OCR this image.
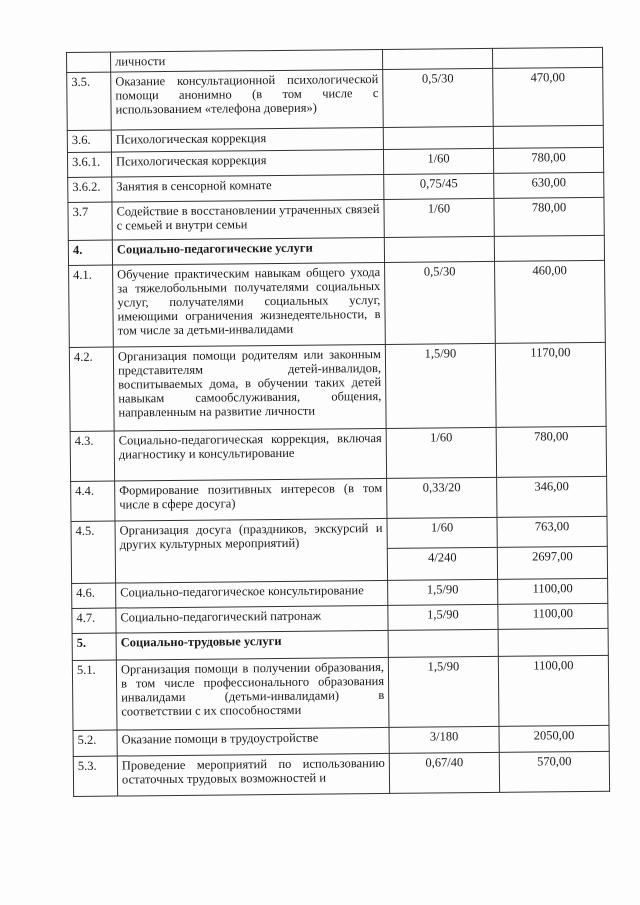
	личности		
3.5.	Оказание консультационной психологической помощи анонимно (в том числе с использованием «телефона доверия»)	0,5/30	470,00
3.6.	Психологическая коррекция		
3.6.1.	Психологическая коррекция	1/60	780,00
3.6.2.	Занятия в сенсорной комнате	0,75/45	630,00
3.7	Содействие в восстановлении утраченных связей с семьей и внутри семьи	1/60	780,00
4.	Социально-педагогические услуги		
4.1.	Обучение практическим навыкам общего ухода за тяжелобольными получателями социальных услуг, получателями социальных услуг, имеющими ограничения жизнедеятельности, в том числе за детьми-инвалидами	0,5/30	460,00
4.2.	Организация помощи родителям или законным представителям детей-инвалидов, воспитываемых дома, в обучении таких детей навыкам самообслуживания, общения, направленным на развитие личности	1,5/90	1170,00
4.3.	Социально-педагогическая коррекция, включая диагностику и консультирование	1/60	780,00
4.4.	Формирование позитивных интересов (в том числе в сфере досуга)	0,33/20	346,00
4.5.	Организация досуга (праздников, экскурсий и других культурных мероприятий)	1/60	763,00
		4/240	2697,00
4.6.	Социально-педагогическое консультирование	1,5/90	1100,00
4.7.	Социально-педагогический патронаж	1,5/90	1100,00
5.	Социально-трудовые услуги		
5.1.	Организация помощи в получении образования, в том числе профессионального образования инвалидами (детьми-инвалидами) в соответствии с их способностями	1,5/90	1100,00
5.2.	Оказание помощи в трудоустройстве	3/180	2050,00
5.3.	Проведение мероприятий по использованию остаточных трудовых возможностей и	0,67/40	570,00
